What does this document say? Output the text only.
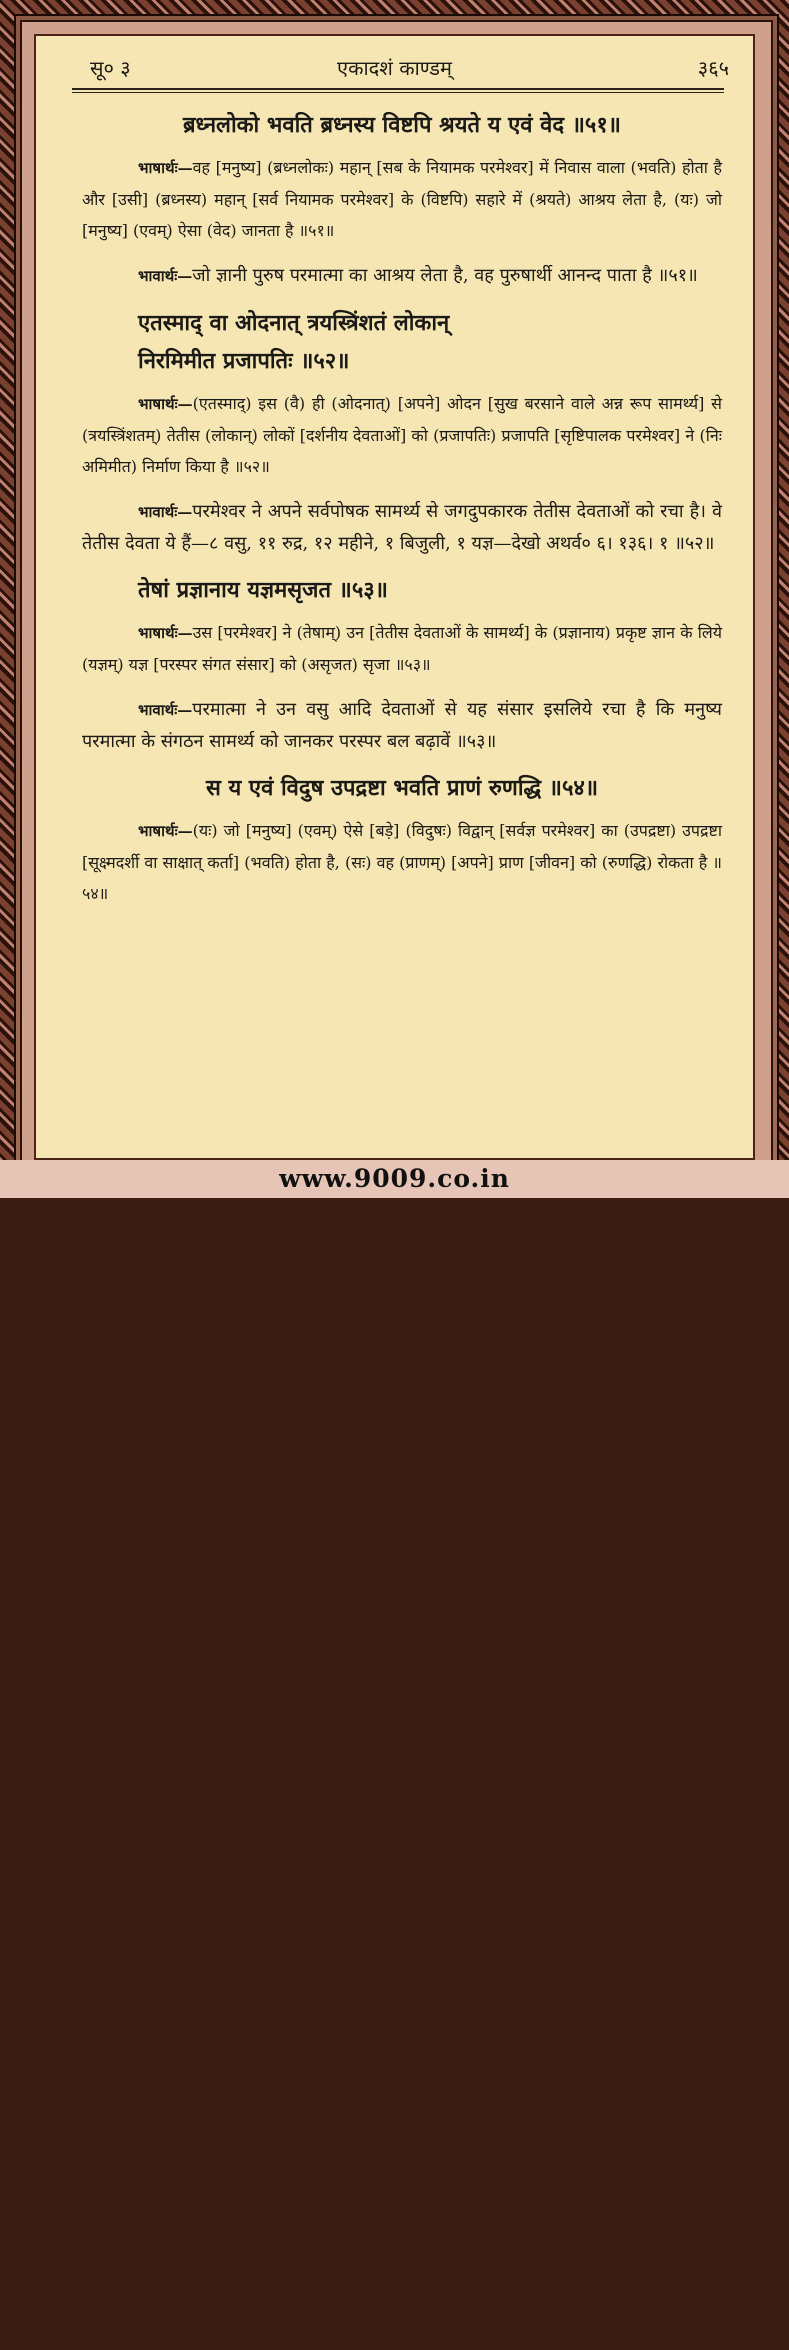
सू० ३	एकादशं काण्डम्	३६५

ब्रध्नलोको भवति ब्रध्नस्य विष्टपि श्रयते य एवं वेद ॥५१॥

भाषार्थः—वह [मनुष्य] (ब्रध्नलोकः) महान् [सब के नियामक परमेश्वर] में निवास वाला (भवति) होता है और [उसी] (ब्रध्नस्य) महान् [सर्व नियामक परमेश्वर] के (विष्टपि) सहारे में (श्रयते) आश्रय लेता है, (यः) जो [मनुष्य] (एवम्) ऐसा (वेद) जानता है ॥५१॥

भावार्थः—जो ज्ञानी पुरुष परमात्मा का आश्रय लेता है, वह पुरुषार्थी आनन्द पाता है ॥५१॥

एतस्माद् वा ओदनात् त्रयस्त्रिंशतं लोकान्

निरमिमीत प्रजापतिः ॥५२॥

भाषार्थः—(एतस्माद्) इस (वै) ही (ओदनात्) [अपने] ओदन [सुख बरसाने वाले अन्न रूप सामर्थ्य] से (त्रयस्त्रिंशतम्) तेतीस (लोकान्) लोकों [दर्शनीय देवताओं] को (प्रजापतिः) प्रजापति [सृष्टिपालक परमेश्वर] ने (निः अमिमीत) निर्माण किया है ॥५२॥

भावार्थः—परमेश्वर ने अपने सर्वपोषक सामर्थ्य से जगदुपकारक तेतीस देवताओं को रचा है। वे तेतीस देवता ये हैं—८ वसु, ११ रुद्र, १२ महीने, १ बिजुली, १ यज्ञ—देखो अथर्व० ६। १३६। १ ॥५२॥

तेषां प्रज्ञानाय यज्ञमसृजत ॥५३॥

भाषार्थः—उस [परमेश्वर] ने (तेषाम्) उन [तेतीस देवताओं के सामर्थ्य] के (प्रज्ञानाय) प्रकृष्ट ज्ञान के लिये (यज्ञम्) यज्ञ [परस्पर संगत संसार] को (असृजत) सृजा ॥५३॥

भावार्थः—परमात्मा ने उन वसु आदि देवताओं से यह संसार इसलिये रचा है कि मनुष्य परमात्मा के संगठन सामर्थ्य को जानकर परस्पर बल बढ़ावें ॥५३॥

स य एवं विदुष उपद्रष्टा भवति प्राणं रुणद्धि ॥५४॥

भाषार्थः—(यः) जो [मनुष्य] (एवम्) ऐसे [बड़े] (विदुषः) विद्वान् [सर्वज्ञ परमेश्वर] का (उपद्रष्टा) उपद्रष्टा [सूक्ष्मदर्शी वा साक्षात् कर्ता] (भवति) होता है, (सः) वह (प्राणम्) [अपने] प्राण [जीवन] को (रुणद्धि) रोकता है ॥५४॥

www.9009.co.in
